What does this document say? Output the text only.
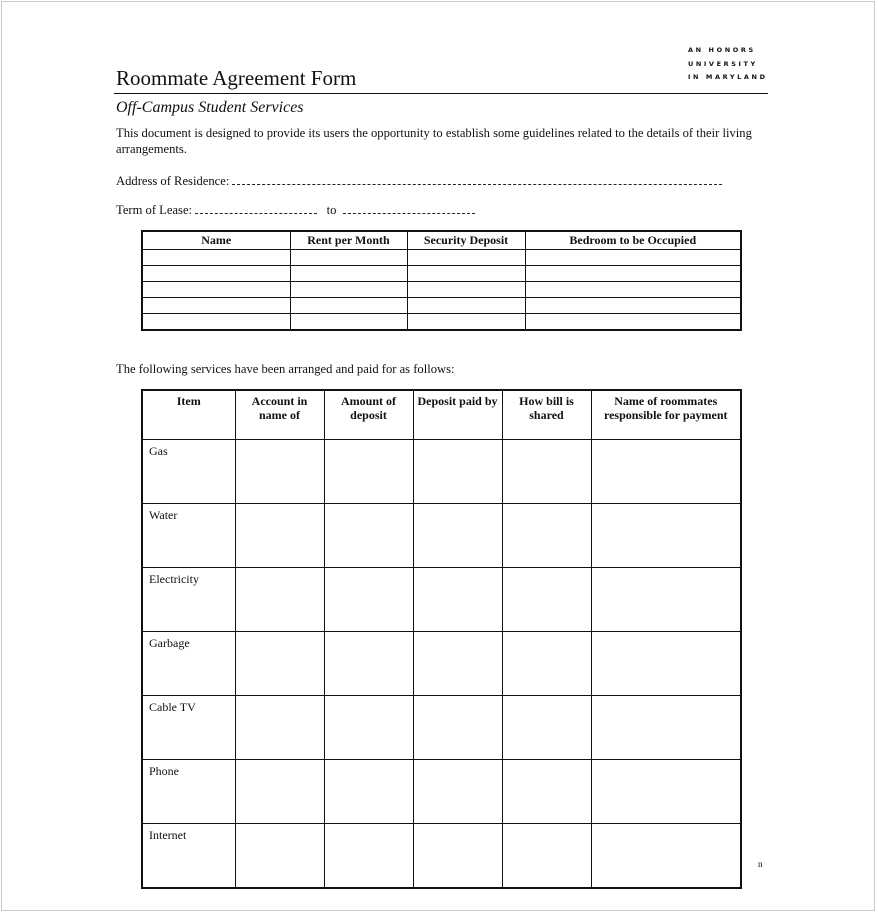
AN HONORS
UNIVERSITY
IN MARYLAND
Roommate Agreement Form
Off-Campus Student Services
This document is designed to provide its users the opportunity to establish some guidelines related to the details of their living arrangements.
Address of Residence:
Term of Lease:	to
Name	Rent per Month	Security Deposit	Bedroom to be Occupied

The following services have been arranged and paid for as follows:
Item	Account in name of	Amount of deposit	Deposit paid by	How bill is shared	Name of roommates responsible for payment
Gas					
Water					
Electricity					
Garbage					
Cable TV					
Phone					
Internet					
n
